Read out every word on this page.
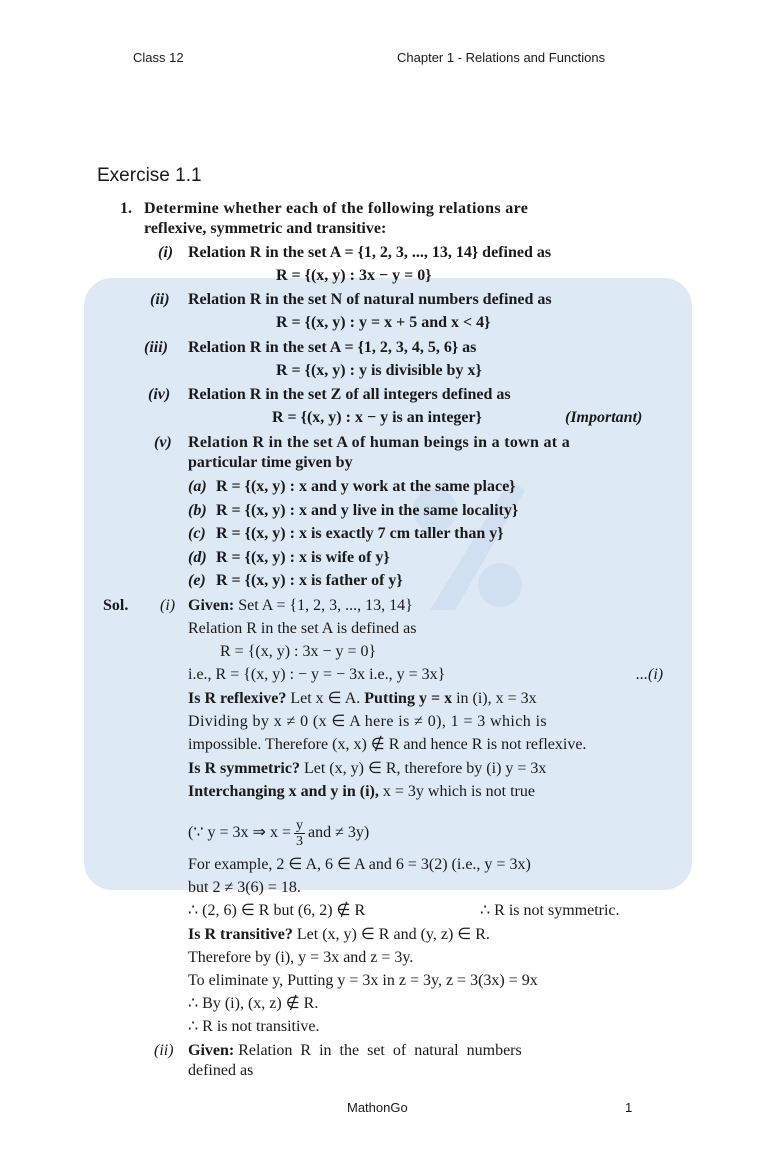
Class 12	Chapter 1 - Relations and Functions
Exercise 1.1
1. Determine whether each of the following relations are
reflexive, symmetric and transitive:
(i) Relation R in the set A = {1, 2, 3, ..., 13, 14} defined as
R = {(x, y) : 3x − y = 0}
(ii) Relation R in the set N of natural numbers defined as
R = {(x, y) : y = x + 5 and x < 4}
(iii) Relation R in the set A = {1, 2, 3, 4, 5, 6} as
R = {(x, y) : y is divisible by x}
(iv) Relation R in the set Z of all integers defined as
R = {(x, y) : x − y is an integer}	(Important)
(v) Relation R in the set A of human beings in a town at a
particular time given by
(a) R = {(x, y) : x and y work at the same place}
(b) R = {(x, y) : x and y live in the same locality}
(c) R = {(x, y) : x is exactly 7 cm taller than y}
(d) R = {(x, y) : x is wife of y}
(e) R = {(x, y) : x is father of y}
Sol. (i) Given: Set A = {1, 2, 3, ..., 13, 14}
Relation R in the set A is defined as
R = {(x, y) : 3x − y = 0}
i.e., R = {(x, y) : − y = − 3x i.e., y = 3x}	...(i)
Is R reflexive? Let x ∈ A. Putting y = x in (i), x = 3x
Dividing by x ≠ 0 (x ∈ A here is ≠ 0), 1 = 3 which is
impossible. Therefore (x, x) ∉ R and hence R is not reflexive.
Is R symmetric? Let (x, y) ∈ R, therefore by (i) y = 3x
Interchanging x and y in (i), x = 3y which is not true
(∵ y = 3x ⇒ $x = \frac{y}{3}$ and ≠ 3y)
For example, 2 ∈ A, 6 ∈ A and 6 = 3(2) (i.e., y = 3x)
but 2 ≠ 3(6) = 18.
∴ (2, 6) ∈ R but (6, 2) ∉ R	∴ R is not symmetric.
Is R transitive? Let (x, y) ∈ R and (y, z) ∈ R.
Therefore by (i), y = 3x and z = 3y.
To eliminate y, Putting y = 3x in z = 3y, z = 3(3x) = 9x
∴ By (i), (x, z) ∉ R.
∴ R is not transitive.
(ii) Given: Relation  R  in  the  set  of  natural  numbers
defined as
MathonGo	1
